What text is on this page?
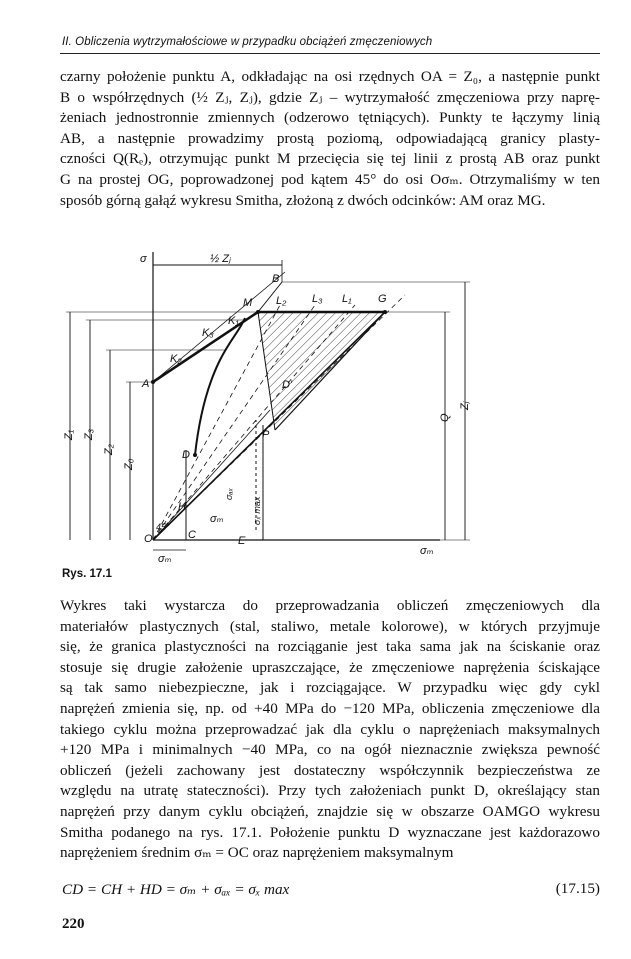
II. Obliczenia wytrzymałościowe w przypadku obciążeń zmęczeniowych
czarny położenie punktu A, odkładając na osi rzędnych OA = Z₀, a następnie punkt
B o współrzędnych (½ Zⱼ, Zⱼ), gdzie Zⱼ – wytrzymałość zmęczeniowa przy naprę-
żeniach jednostronnie zmiennych (odzerowo tętniących). Punkty te łączymy linią
AB, a następnie prowadzimy prostą poziomą, odpowiadającą granicy plasty-
czności Q(Rₑ), otrzymując punkt M przecięcia się tej linii z prostą AB oraz punkt
G na prostej OG, poprowadzonej pod kątem 45° do osi Oσₘ. Otrzymaliśmy w ten
sposób górną gałąź wykresu Smitha, złożoną z dwóch odcinków: AM oraz MG.
σ	½ Zⱼ
B
M L₂ L₃ L₁ G
K₁
K₃
K₂
A	D'
P
D
H
45°
O	C	E
σₘ
σₐₓ
σₓ max
σₘ
σₘ
Z₁ Z₃
Z₂
Z₀
Q
Zⱼ
Rys. 17.1
Wykres taki wystarcza do przeprowadzania obliczeń zmęczeniowych dla
materiałów plastycznych (stal, staliwo, metale kolorowe), w których przyjmuje
się, że granica plastyczności na rozciąganie jest taka sama jak na ściskanie oraz
stosuje się drugie założenie upraszczające, że zmęczeniowe naprężenia ściskające
są tak samo niebezpieczne, jak i rozciągające. W przypadku więc gdy cykl
naprężeń zmienia się, np. od +40 MPa do −120 MPa, obliczenia zmęczeniowe dla
takiego cyklu można przeprowadzać jak dla cyklu o naprężeniach maksymalnych
+120 MPa i minimalnych −40 MPa, co na ogół nieznacznie zwiększa pewność
obliczeń (jeżeli zachowany jest dostateczny współczynnik bezpieczeństwa ze
względu na utratę stateczności). Przy tych założeniach punkt D, określający stan
naprężeń przy danym cyklu obciążeń, znajdzie się w obszarze OAMGO wykresu
Smitha podanego na rys. 17.1. Położenie punktu D wyznaczane jest każdorazowo
naprężeniem średnim σₘ = OC oraz naprężeniem maksymalnym
CD = CH + HD = σₘ + σₐₓ = σₓ max	(17.15)
220
